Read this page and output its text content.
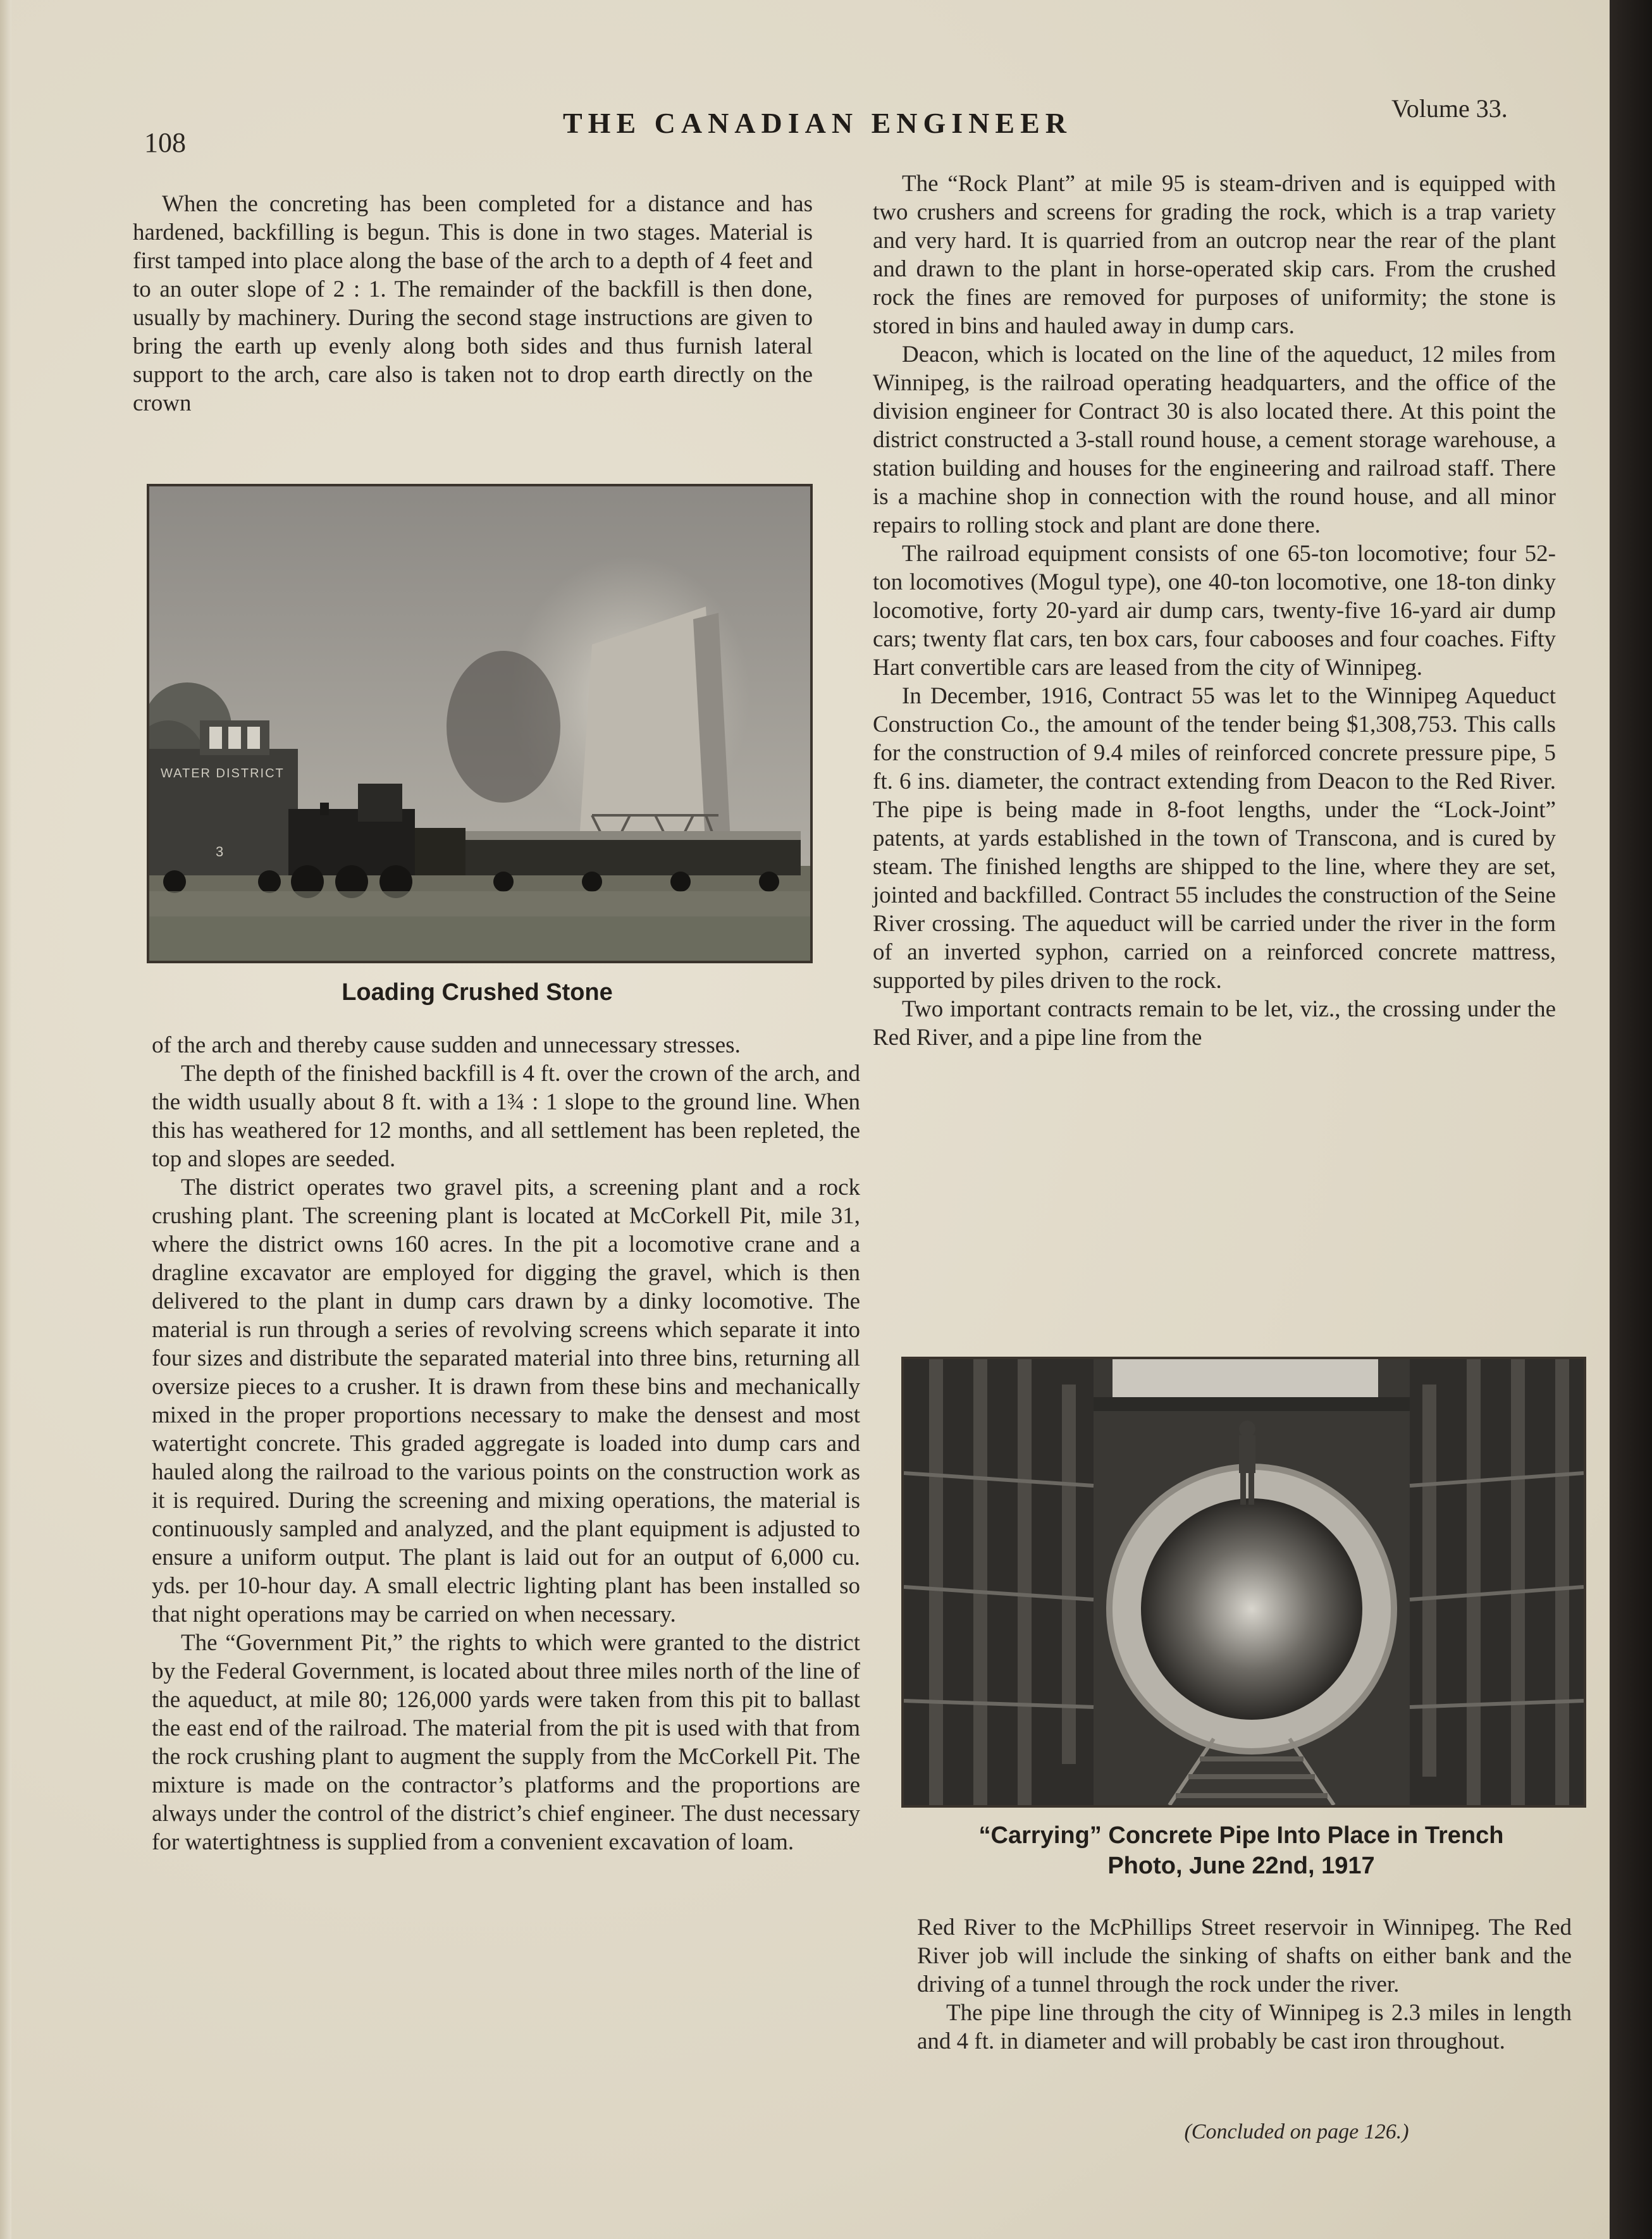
108
THE CANADIAN ENGINEER	Volume 33.

When the concreting has been completed for a distance and has hardened, backfilling is begun. This is done in two stages. Material is first tamped into place along the base of the arch to a depth of 4 feet and to an outer slope of 2 : 1. The remainder of the backfill is then done, usually by machinery. During the second stage instructions are given to bring the earth up evenly along both sides and thus furnish lateral support to the arch, care also is taken not to drop earth directly on the crown

WATER DISTRICT
3
Loading Crushed Stone

of the arch and thereby cause sudden and unnecessary stresses.

The depth of the finished backfill is 4 ft. over the crown of the arch, and the width usually about 8 ft. with a 1¾ : 1 slope to the ground line. When this has weathered for 12 months, and all settlement has been repleted, the top and slopes are seeded.

The district operates two gravel pits, a screening plant and a rock crushing plant. The screening plant is located at McCorkell Pit, mile 31, where the district owns 160 acres. In the pit a locomotive crane and a dragline excavator are employed for digging the gravel, which is then delivered to the plant in dump cars drawn by a dinky locomotive. The material is run through a series of revolving screens which separate it into four sizes and distribute the separated material into three bins, returning all oversize pieces to a crusher. It is drawn from these bins and mechanically mixed in the proper proportions necessary to make the densest and most watertight concrete. This graded aggregate is loaded into dump cars and hauled along the railroad to the various points on the construction work as it is required. During the screening and mixing operations, the material is continuously sampled and analyzed, and the plant equipment is adjusted to ensure a uniform output. The plant is laid out for an output of 6,000 cu. yds. per 10-hour day. A small electric lighting plant has been installed so that night operations may be carried on when necessary.

The “Government Pit,” the rights to which were granted to the district by the Federal Government, is located about three miles north of the line of the aqueduct, at mile 80; 126,000 yards were taken from this pit to ballast the east end of the railroad. The material from the pit is used with that from the rock crushing plant to augment the supply from the McCorkell Pit. The mixture is made on the contractor’s platforms and the proportions are always under the control of the district’s chief engineer. The dust necessary for watertightness is supplied from a convenient excavation of loam.

The “Rock Plant” at mile 95 is steam-driven and is equipped with two crushers and screens for grading the rock, which is a trap variety and very hard. It is quarried from an outcrop near the rear of the plant and drawn to the plant in horse-operated skip cars. From the crushed rock the fines are removed for purposes of uniformity; the stone is stored in bins and hauled away in dump cars.

Deacon, which is located on the line of the aqueduct, 12 miles from Winnipeg, is the railroad operating headquarters, and the office of the division engineer for Contract 30 is also located there. At this point the district constructed a 3-stall round house, a cement storage warehouse, a station building and houses for the engineering and railroad staff. There is a machine shop in connection with the round house, and all minor repairs to rolling stock and plant are done there.

The railroad equipment consists of one 65-ton locomotive; four 52-ton locomotives (Mogul type), one 40-ton locomotive, one 18-ton dinky locomotive, forty 20-yard air dump cars, twenty-five 16-yard air dump cars; twenty flat cars, ten box cars, four cabooses and four coaches. Fifty Hart convertible cars are leased from the city of Winnipeg.

In December, 1916, Contract 55 was let to the Winnipeg Aqueduct Construction Co., the amount of the tender being $1,308,753. This calls for the construction of 9.4 miles of reinforced concrete pressure pipe, 5 ft. 6 ins. diameter, the contract extending from Deacon to the Red River. The pipe is being made in 8-foot lengths, under the “Lock-Joint” patents, at yards established in the town of Transcona, and is cured by steam. The finished lengths are shipped to the line, where they are set, jointed and backfilled. Contract 55 includes the construction of the Seine River crossing. The aqueduct will be carried under the river in the form of an inverted syphon, carried on a reinforced concrete mattress, supported by piles driven to the rock.

Two important contracts remain to be let, viz., the crossing under the Red River, and a pipe line from the

“Carrying” Concrete Pipe Into Place in Trench
Photo, June 22nd, 1917

Red River to the McPhillips Street reservoir in Winnipeg. The Red River job will include the sinking of shafts on either bank and the driving of a tunnel through the rock under the river.

The pipe line through the city of Winnipeg is 2.3 miles in length and 4 ft. in diameter and will probably be cast iron throughout.

(Concluded on page 126.)
